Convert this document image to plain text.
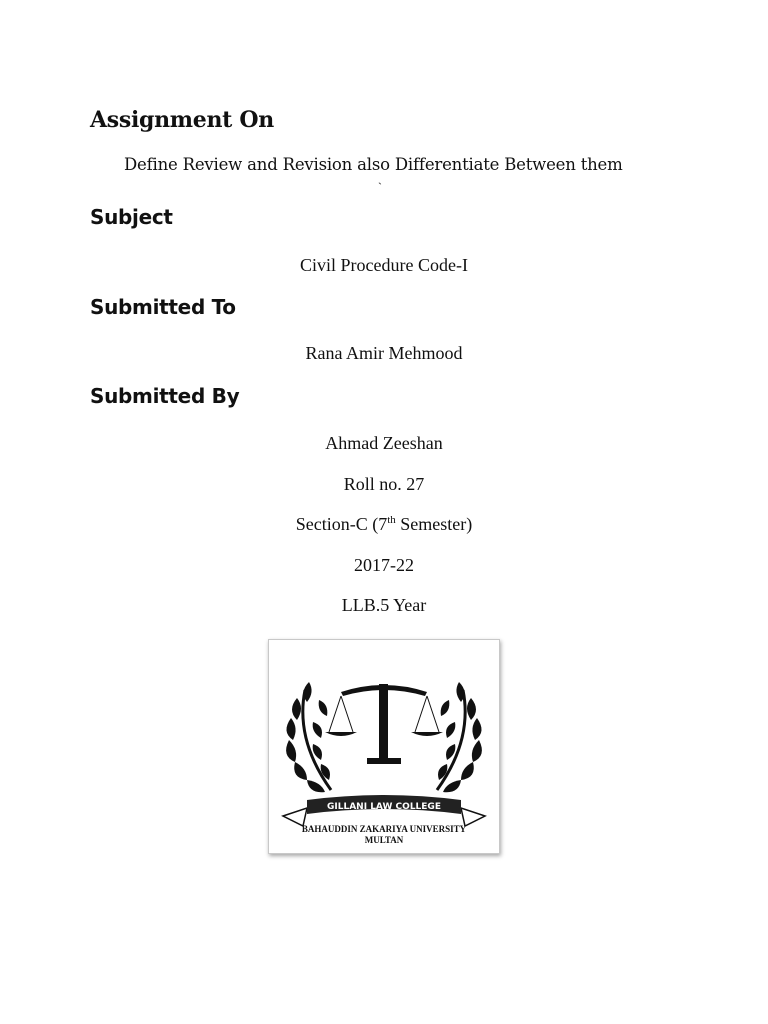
Assignment On

Define Review and Revision also Differentiate Between them

`

Subject

Civil Procedure Code-I

Submitted To

Rana Amir Mehmood

Submitted By

Ahmad Zeeshan

Roll no. 27

Section-C (7th Semester)

2017-22

LLB.5 Year

GILLANI LAW COLLEGE
BAHAUDDIN ZAKARIYA UNIVERSITY
MULTAN
